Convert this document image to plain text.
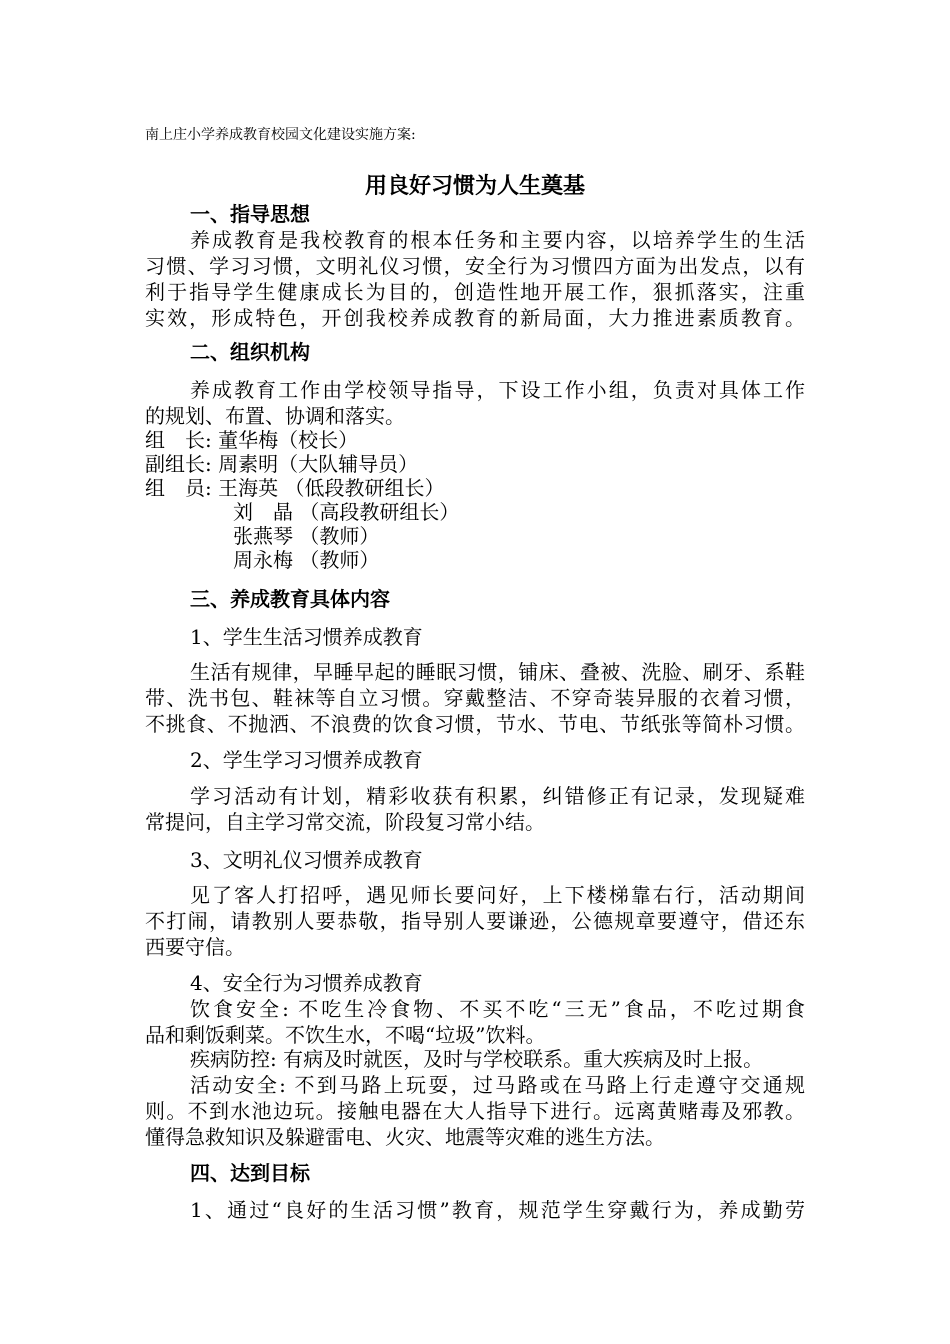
南上庄小学养成教育校园文化建设实施方案:
用良好习惯为人生奠基
一、指导思想
养成教育是我校教育的根本任务和主要内容，以培养学生的生活
习惯、学习习惯，文明礼仪习惯，安全行为习惯四方面为出发点，以有
利于指导学生健康成长为目的，创造性地开展工作，狠抓落实，注重
实效，形成特色，开创我校养成教育的新局面，大力推进素质教育。
二、组织机构
养成教育工作由学校领导指导，下设工作小组，负责对具体工作
的规划、布置、协调和落实。
组　长: 董华梅（校长）
副组长: 周素明（大队辅导员）
组　员: 王海英 （低段教研组长）
刘　晶 （高段教研组长）
张燕琴 （教师）
周永梅 （教师）
三、养成教育具体内容
1、学生生活习惯养成教育
生活有规律，早睡早起的睡眠习惯，铺床、叠被、洗脸、刷牙、系鞋
带、洗书包、鞋袜等自立习惯。穿戴整洁、不穿奇装异服的衣着习惯，
不挑食、不抛洒、不浪费的饮食习惯，节水、节电、节纸张等简朴习惯。
2、学生学习习惯养成教育
学习活动有计划，精彩收获有积累，纠错修正有记录，发现疑难
常提问，自主学习常交流，阶段复习常小结。
3、文明礼仪习惯养成教育
见了客人打招呼，遇见师长要问好，上下楼梯靠右行，活动期间
不打闹，请教别人要恭敬，指导别人要谦逊，公德规章要遵守，借还东
西要守信。
4、安全行为习惯养成教育
饮食安全: 不吃生冷食物、不买不吃“三无”食品，不吃过期食
品和剩饭剩菜。不饮生水，不喝“垃圾”饮料。
疾病防控: 有病及时就医，及时与学校联系。重大疾病及时上报。
活动安全: 不到马路上玩耍，过马路或在马路上行走遵守交通规
则。不到水池边玩。接触电器在大人指导下进行。远离黄赌毒及邪教。
懂得急救知识及躲避雷电、火灾、地震等灾难的逃生方法。
四、达到目标
1、通过“良好的生活习惯”教育，规范学生穿戴行为，养成勤劳
